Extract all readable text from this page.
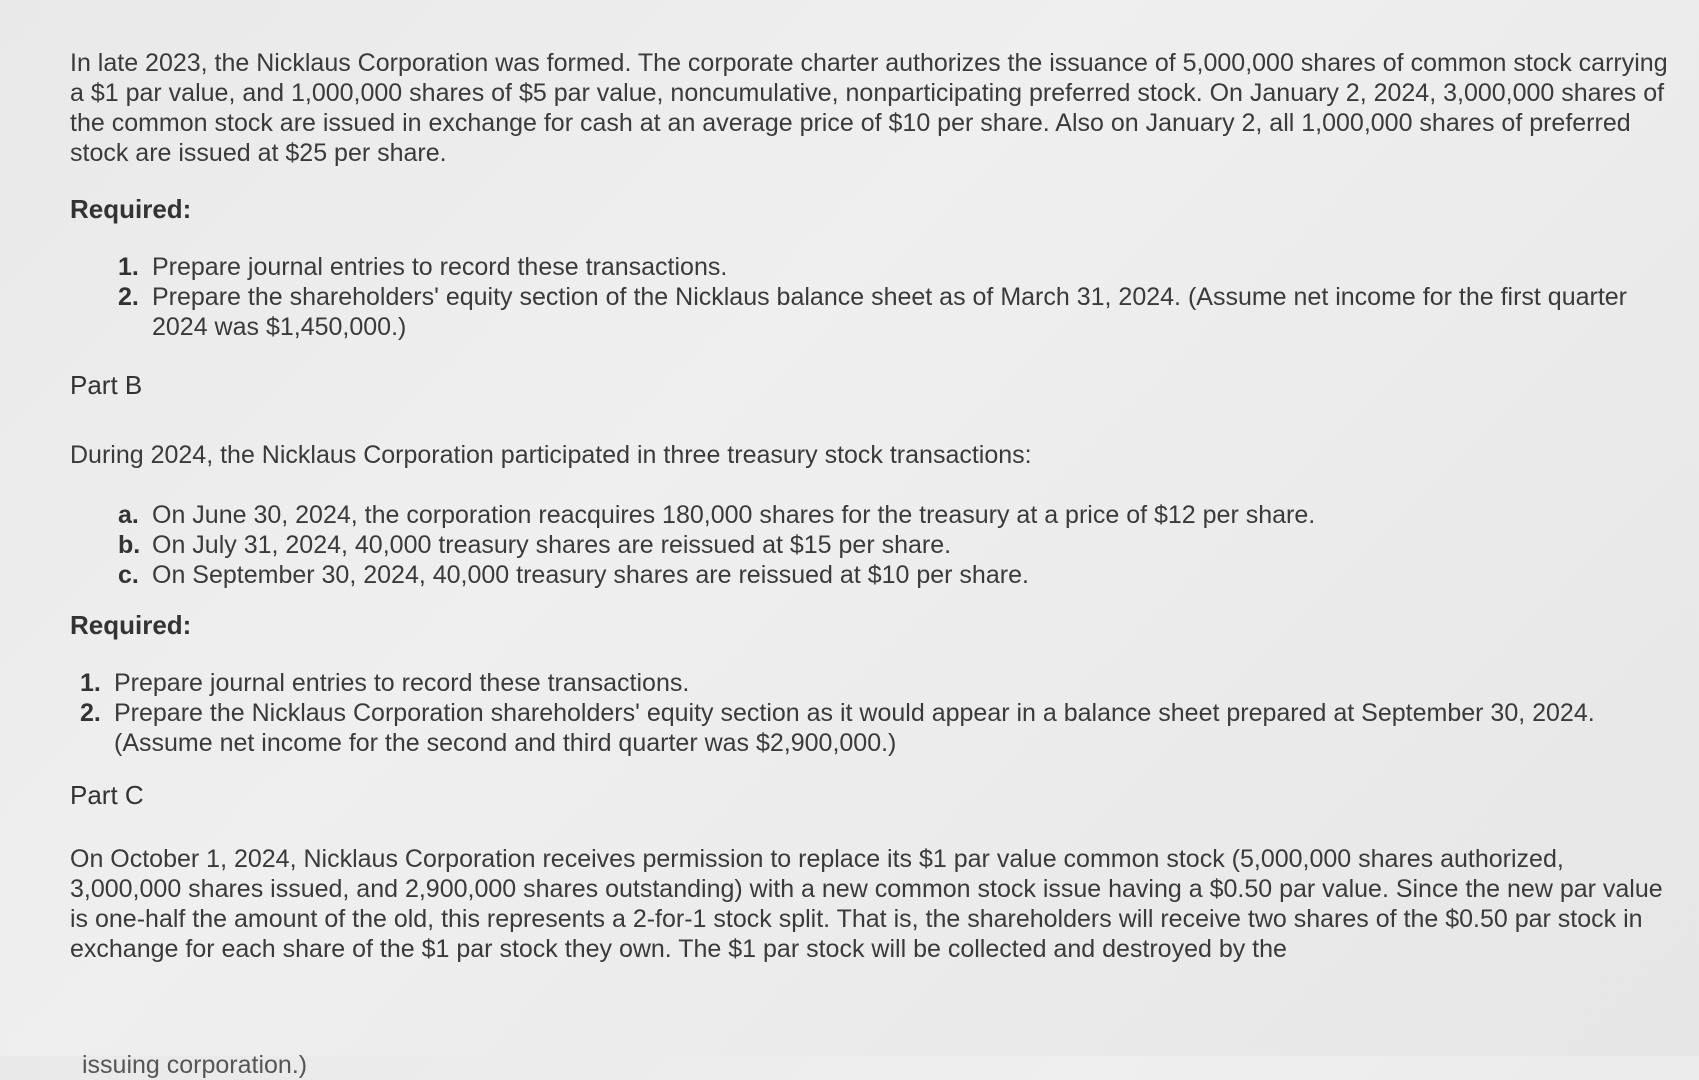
In late 2023, the Nicklaus Corporation was formed. The corporate charter authorizes the issuance of 5,000,000 shares of common stock carrying a $1 par value, and 1,000,000 shares of $5 par value, noncumulative, nonparticipating preferred stock. On January 2, 2024, 3,000,000 shares of the common stock are issued in exchange for cash at an average price of $10 per share. Also on January 2, all 1,000,000 shares of preferred stock are issued at $25 per share.

Required:

1. Prepare journal entries to record these transactions.
2. Prepare the shareholders' equity section of the Nicklaus balance sheet as of March 31, 2024. (Assume net income for the first quarter 2024 was $1,450,000.)

Part B

During 2024, the Nicklaus Corporation participated in three treasury stock transactions:

a. On June 30, 2024, the corporation reacquires 180,000 shares for the treasury at a price of $12 per share.
b. On July 31, 2024, 40,000 treasury shares are reissued at $15 per share.
c. On September 30, 2024, 40,000 treasury shares are reissued at $10 per share.

Required:

1. Prepare journal entries to record these transactions.
2. Prepare the Nicklaus Corporation shareholders' equity section as it would appear in a balance sheet prepared at September 30, 2024. (Assume net income for the second and third quarter was $2,900,000.)

Part C

On October 1, 2024, Nicklaus Corporation receives permission to replace its $1 par value common stock (5,000,000 shares authorized, 3,000,000 shares issued, and 2,900,000 shares outstanding) with a new common stock issue having a $0.50 par value. Since the new par value is one-half the amount of the old, this represents a 2-for-1 stock split. That is, the shareholders will receive two shares of the $0.50 par stock in exchange for each share of the $1 par stock they own. The $1 par stock will be collected and destroyed by the

issuing corporation.)
